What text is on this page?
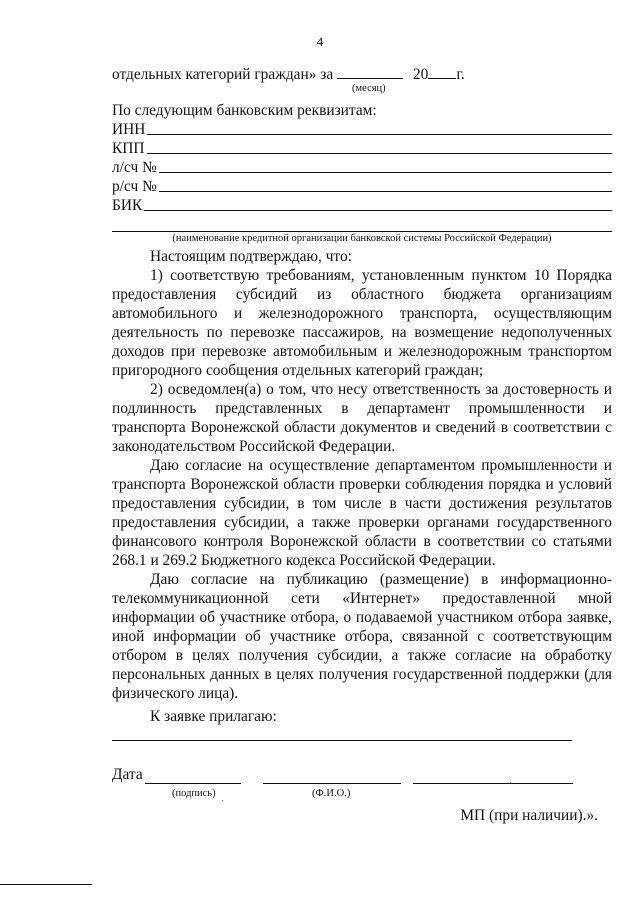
4
отдельных категорий граждан» за	20 г.
(месяц)
По следующим банковским реквизитам:
ИНН
КПП
л/сч №
р/сч №
БИК
(наименование кредитной организации банковской системы Российской Федерации)
Настоящим подтверждаю, что:

1) соответствую требованиям, установленным пунктом 10 Порядка предоставления субсидий из областного бюджета организациям автомобильного и железнодорожного транспорта, осуществляющим деятельность по перевозке пассажиров, на возмещение недополученных доходов при перевозке автомобильным и железнодорожным транспортом пригородного сообщения отдельных категорий граждан;

2) осведомлен(а) о том, что несу ответственность за достоверность и подлинность представленных в департамент промышленности и транспорта Воронежской области документов и сведений в соответствии с законодательством Российской Федерации.

Даю согласие на осуществление департаментом промышленности и транспорта Воронежской области проверки соблюдения порядка и условий предоставления субсидии, в том числе в части достижения результатов предоставления субсидии, а также проверки органами государственного финансового контроля Воронежской области в соответствии со статьями 268.1 и 269.2 Бюджетного кодекса Российской Федерации.

Даю согласие на публикацию (размещение) в информационно-телекоммуникационной сети «Интернет» предоставленной мной информации об участнике отбора, о подаваемой участником отбора заявке, иной информации об участнике отбора, связанной с соответствующим отбором в целях получения субсидии, а также согласие на обработку персональных данных в целях получения государственной поддержки (для физического лица).

К заявке прилагаю:
Дата
(подпись)	(Ф.И.О.)
МП (при наличии).».
